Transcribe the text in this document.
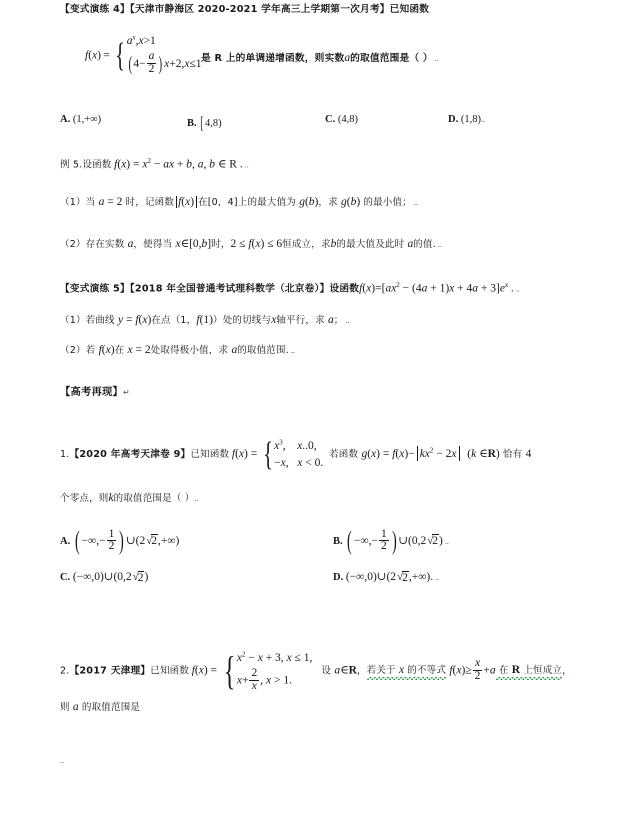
【变式演练 4】【天津市静海区 2020-2021 学年高三上学期第一次月考】已知函数
f(x) = { $a^x,x>1$
( $4- \frac{a}{2}$ ) x+2,x≤1 是 R 上的单调递增函数，则实数a的取值范围是（ ） ..
A. (1,+∞)	B. [4,8)	C. (4,8)	D. (1,8)..
例 5.设函数 $f(x) = x^2$ − ax + b, a, b ∈ R . ..
（1）当 a = 2 时，记函数 f(x) 在[0，4]上的最大值为 g(b)，求 g(b) 的最小值； ..
（2）存在实数 a，使得当 x∈[0,b]时，2 ≤ f(x) ≤ 6恒成立，求b的最大值及此时 a的值. ..
【变式演练 5】【2018 年全国普通考试理科数学（北京卷）】设函数$f(x)=[ax^2 - (4a + 1)x + 4a + 3]e^x$ . ..
（1）若曲线 y = f(x)在点（1，f(1)）处的切线与x轴平行，求 a； ..
（2）若 f(x)在 x = 2处取得极小值，求 a的取值范围. ..
【高考再现】↵
1.【2020 年高考天津卷 9】已知函数 f(x) = { $x^3$,    x..0,
−x,   x < 0.
若函数 $g(x) = f(x)- kx^2 - 2x$  (k ∈R) 恰有 4
个零点，则k的取值范围是（ ）..
A. ( −∞,− $\frac{1}{2}$ ) ∪(2√2,+∞)	B. ( −∞,− $\frac{1}{2}$ ) ∪(0,2√2) ..
C. (−∞,0)∪(0,2√2)	D. (−∞,0)∪(2√2,+∞). ..
2.【2017 天津理】已知函数 f(x) = { $x^2 - x + 3$, x ≤ 1,
$x+ \frac{2}{x}$ , x > 1.
设 a∈R，若关于 x 的不等式 $f(x)\ge \frac{x}{2} +a$ 在 R 上恒成立，
则 a 的取值范围是
..
